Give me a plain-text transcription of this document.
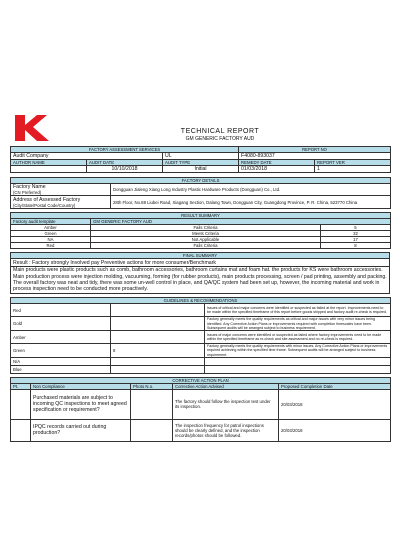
TECHNICAL REPORT
GM GENERIC FACTORY AUD
FACTORY ASSESSMENT SERVICES			REPORT NO	
Audit Company		UL	F4080-893037	
AUTHOR NAME	AUDIT DATE	AUDIT TYPE	REMEDY DATE	REPORT VER
	10/10/2018	Initial	01/03/2018	1
FACTORY DETAILS	

Factory Name
(CN Preferred)	Dongguan Jialeng Xiang Long Industry Plastic Hardware Products (Dongguan) Co., Ltd.

Address of Assessed Factory
(City/State/Postal Code/Country)	28th Floor, No.88 Liubei Road, Xiagang Section, Dalang Town, Dongguan City, Guangdong Province, P. R. China, 523770 China
RESULT SUMMARY		
Factory audit template	GM GENERIC FACTORY AUD	
Amber	Fails Criteria	5
Green	Meets Criteria	32
NA	Not Applicable	17
Red	Fails Criteria	8
FINAL SUMMARY
Result : Factory strongly Involved pay Preventive actions for more consumer/Benchmark
Main products were plastic products such as comb, bathroom accessories, bathroom curtains mat and foam hat. the products for KS were bathroom accessories. Main production process were injection molding, vacuuming, forming (for rubber products), main products processing, screen / pad printing, assembly and packing. The overall factory was neat and tidy, there was some un-well control in place, and QA/QC system had been set up, however, the incoming material and work in process inspection need to be conducted more proactively.
GUIDELINES & RECOMMENDATIONS		
Red		Issues of critical and major concerns were identified or suspected as failed at the report. Improvements need to be made within the specified timeframe of this report before goods shipped and factory audit re-check is required.
Gold		Factory generally meets the quality requirements as critical and major issues with very minor issues being identified. Any Corrective Action Plans or improvements required with completion timescales have been. Subsequent audits will be arranged subject to business requirement.
Amber		Issues of major concerns were identified or suspected as failed where factory improvements need to be made within the specified timeframe as re-check and site assessment and no re-check is required.
Green	8	Factory generally meets the quality requirements with minor issues. Any Corrective Action Plans or improvements required achieving within the specified time frame. Subsequent audits will be arranged subject to business requirement.
N/A		
Blue		
CORRECTIVE ACTION PLAN				
Pt.	Non Compliance	Photo N.o.	Corrective Action Advised	Proposed Completion Date
	Purchased materials are subject to incoming QC inspections to meet agreed specification or requirement?		The factory should follow the inspection test under its inspection.	20/03/2018
	IPQC records carried out during production?		The inspection frequency for patrol inspections should be clearly defined, and the inspection records/photos should be followed.	20/03/2018
